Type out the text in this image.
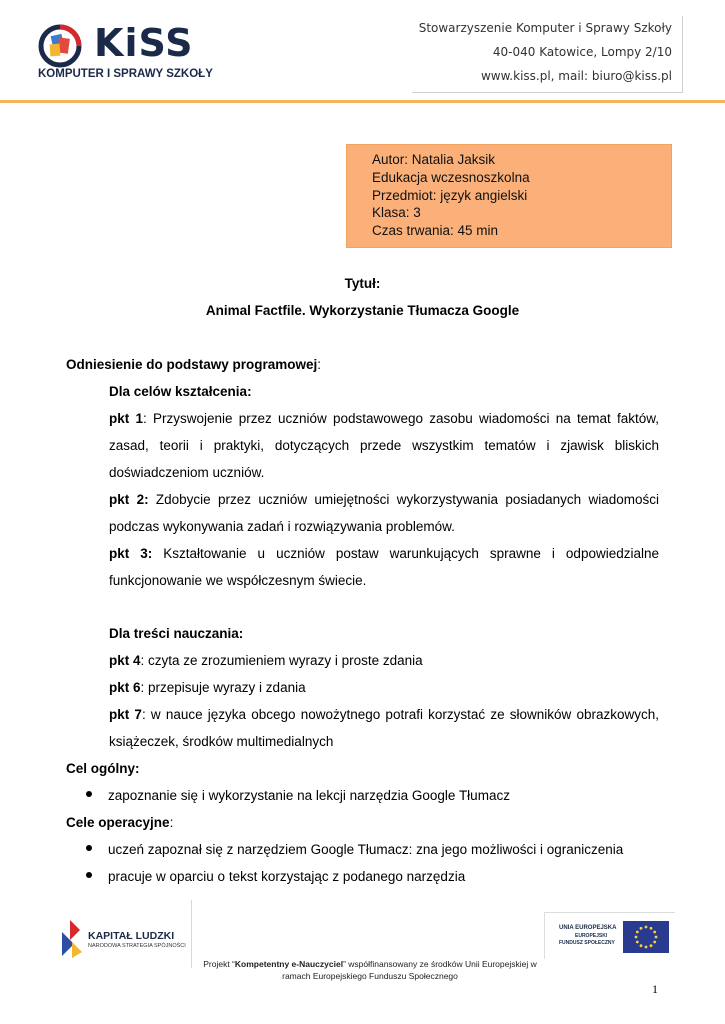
KiSS
KOMPUTER I SPRAWY SZKOŁY
Stowarzyszenie Komputer i Sprawy Szkoły
40-040 Katowice, Lompy 2/10
www.kiss.pl, mail: biuro@kiss.pl
Autor: Natalia Jaksik
Edukacja wczesnoszkolna
Przedmiot: język angielski
Klasa: 3
Czas trwania: 45 min
Tytuł:
Animal Factfile. Wykorzystanie Tłumacza Google
Odniesienie do podstawy programowej:
Dla celów kształcenia:
pkt 1: Przyswojenie przez uczniów podstawowego zasobu wiadomości na temat faktów, zasad, teorii i praktyki, dotyczących przede wszystkim tematów i zjawisk bliskich doświadczeniom uczniów.
pkt 2: Zdobycie przez uczniów umiejętności wykorzystywania posiadanych wiadomości podczas wykonywania zadań i rozwiązywania problemów.
pkt 3: Kształtowanie u uczniów postaw warunkujących sprawne i odpowiedzialne funkcjonowanie we współczesnym świecie.
Dla treści nauczania:
pkt 4: czyta ze zrozumieniem wyrazy i proste zdania
pkt 6: przepisuje wyrazy i zdania
pkt 7: w nauce języka obcego nowożytnego potrafi korzystać ze słowników obrazkowych, książeczek, środków multimedialnych
Cel ogólny:
zapoznanie się i wykorzystanie na lekcji narzędzia Google Tłumacz
Cele operacyjne:
uczeń zapoznał się z narzędziem Google Tłumacz: zna jego możliwości i ograniczenia
pracuje w oparciu o tekst korzystając z podanego narzędzia
KAPITAŁ LUDZKI
NARODOWA STRATEGIA SPÓJNOŚCI
UNIA EUROPEJSKA
EUROPEJSKI
FUNDUSZ SPOŁECZNY
Projekt “Kompetentny e-Nauczyciel” współfinansowany ze środków Unii Europejskiej w
ramach Europejskiego Funduszu Społecznego
1
